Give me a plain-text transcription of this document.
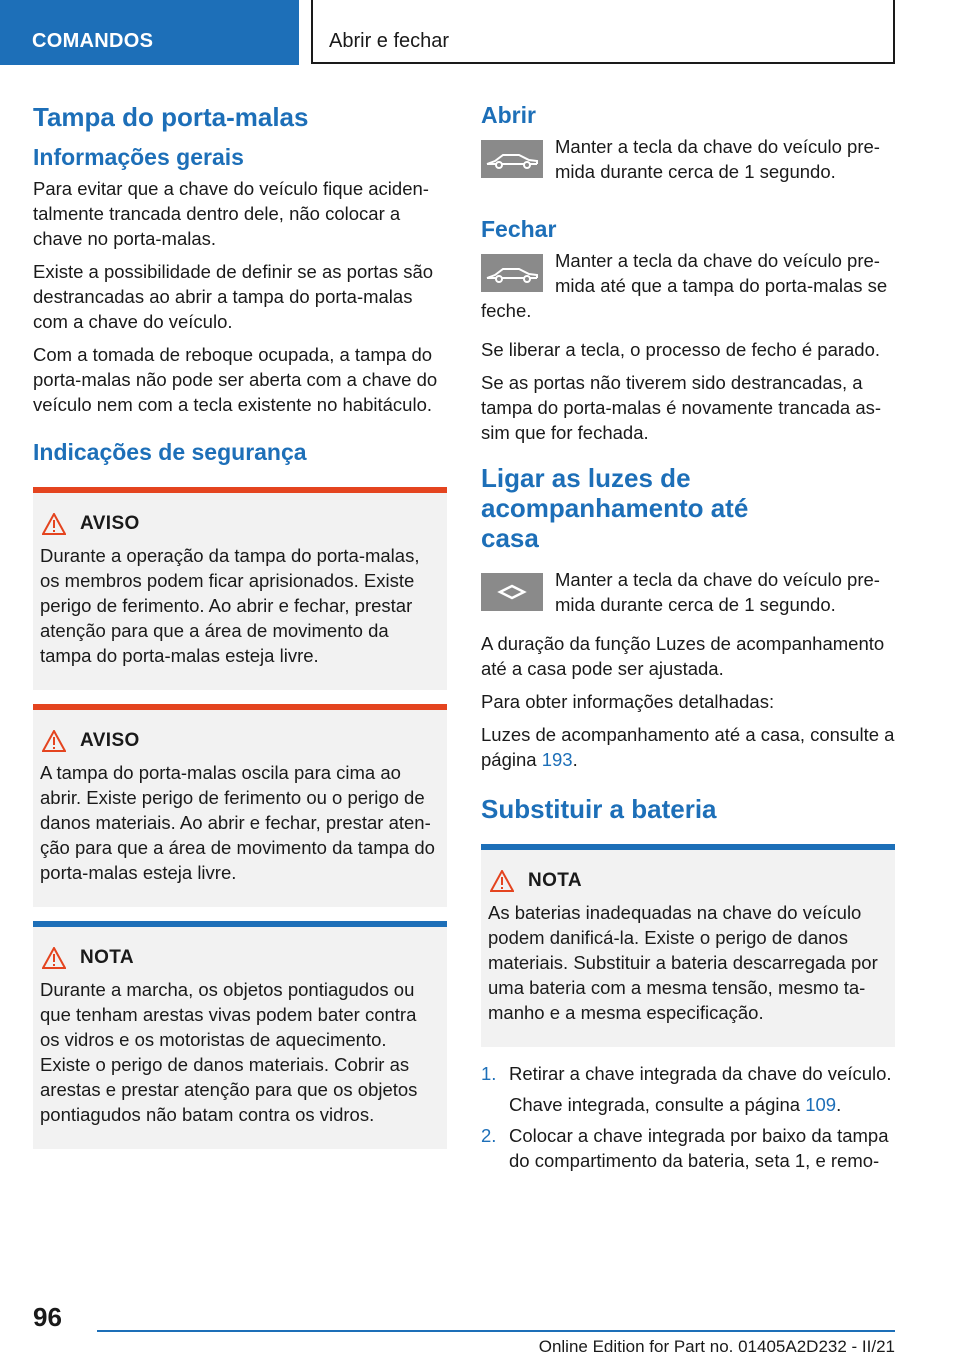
COMANDOS	Abrir e fechar
Tampa do porta-malas
Informações gerais

Para evitar que a chave do veículo fique aciden-talmente trancada dentro dele, não colocar a chave no porta-malas.

Existe a possibilidade de definir se as portas são destrancadas ao abrir a tampa do porta-malas com a chave do veículo.

Com a tomada de reboque ocupada, a tampa do porta-malas não pode ser aberta com a chave do veículo nem com a tecla existente no habitáculo.

Indicações de segurança
AVISO

Durante a operação da tampa do porta-malas, os membros podem ficar aprisionados. Existe perigo de ferimento. Ao abrir e fechar, prestar atenção para que a área de movimento da tampa do porta-malas esteja livre.

AVISO

A tampa do porta-malas oscila para cima ao abrir. Existe perigo de ferimento ou o perigo de danos materiais. Ao abrir e fechar, prestar aten-ção para que a área de movimento da tampa do porta-malas esteja livre.

NOTA

Durante a marcha, os objetos pontiagudos ou que tenham arestas vivas podem bater contra os vidros e os motoristas de aquecimento. Existe o perigo de danos materiais. Cobrir as arestas e prestar atenção para que os objetos pontiagudos não batam contra os vidros.

Abrir

Manter a tecla da chave do veículo pre-mida durante cerca de 1 segundo.

Fechar

Manter a tecla da chave do veículo pre-mida até que a tampa do porta-malas se feche.

Se liberar a tecla, o processo de fecho é parado.

Se as portas não tiverem sido destrancadas, a tampa do porta-malas é novamente trancada as-sim que for fechada.

Ligar as luzes de acompanhamento até casa

Manter a tecla da chave do veículo pre-mida durante cerca de 1 segundo.

A duração da função Luzes de acompanhamento até a casa pode ser ajustada.

Para obter informações detalhadas:

Luzes de acompanhamento até a casa, consulte a página 193.

Substituir a bateria
NOTA

As baterias inadequadas na chave do veículo podem danificá-la. Existe o perigo de danos materiais. Substituir a bateria descarregada por uma bateria com a mesma tensão, mesmo ta-manho e a mesma especificação.

1. Retirar a chave integrada da chave do veículo.
Chave integrada, consulte a página 109.
2. Colocar a chave integrada por baixo da tampa do compartimento da bateria, seta 1, e remo-
96
Online Edition for Part no. 01405A2D232 - II/21
